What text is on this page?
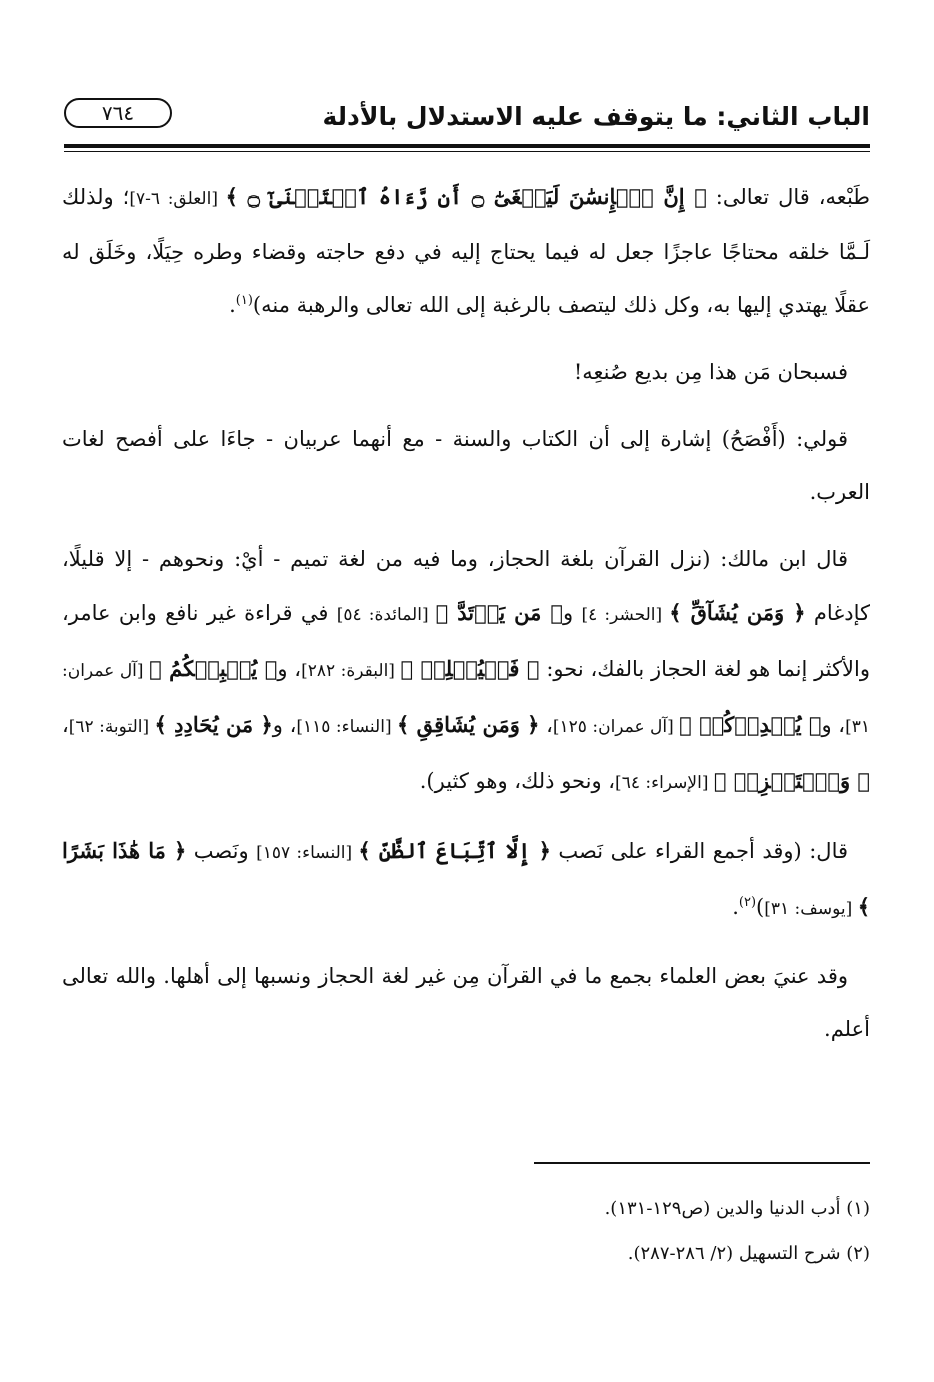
الباب الثاني: ما يتوقف عليه الاستدلال بالأدلة
٧٦٤

طَبْعه، قال تعالى: ﴿ إِنَّ ٱلۡإِنسَٰنَ لَيَطۡغَىٰٓ ۝ أَن رَّءَاهُ ٱسۡتَغۡنَىٰٓ ۝ ﴾ [العلق: ٦-٧]؛ ولذلك لَـمَّا خلقه محتاجًا عاجزًا جعل له فيما يحتاج إليه في دفع حاجته وقضاء وطره حِيَلًا، وخَلَق له عقلًا يهتدي إليها به، وكل ذلك ليتصف بالرغبة إلى الله تعالى والرهبة منه)$^{(١)}$.

فسبحان مَن هذا مِن بديع صُنعِه!

قولي: (أَفْصَحُ) إشارة إلى أن الكتاب والسنة - مع أنهما عربيان - جاءَا على أفصح لغات العرب.

قال ابن مالك: (نزل القرآن بلغة الحجاز، وما فيه من لغة تميم - أيْ: ونحوهم - إلا قليلًا، كإدغام ﴿ وَمَن يُشَآقِّ ﴾ [الحشر: ٤] و﴿ مَن يَرۡتَدَّ ﴾ [المائدة: ٥٤] في قراءة غير نافع وابن عامر، والأكثر إنما هو لغة الحجاز بالفك، نحو: ﴿ فَلۡيُمۡلِلۡ ﴾ [البقرة: ٢٨٢]، و﴿ يُحۡبِبۡكُمُ ﴾ [آل عمران: ٣١]، و﴿ يُمۡدِدۡكُمۡ ﴾ [آل عمران: ١٢٥]، ﴿ وَمَن يُشَاقِقِ ﴾ [النساء: ١١٥]، و﴿ مَن يُحَادِدِ ﴾ [التوبة: ٦٢]، ﴿ وَٱسۡتَفۡزِزۡ ﴾ [الإسراء: ٦٤]، ونحو ذلك، وهو كثير).

قال: (وقد أجمع القراء على نَصب ﴿ إِلَّا ٱتِّبَاعَ ٱلظَّنِّ ﴾ [النساء: ١٥٧] ونَصب ﴿ مَا هَٰذَا بَشَرًا ﴾ [يوسف: ٣١])$^{(٢)}$.

وقد عنيَ بعض العلماء بجمع ما في القرآن مِن غير لغة الحجاز ونسبها إلى أهلها. والله تعالى أعلم.

(١) أدب الدنيا والدين (ص١٢٩-١٣١).

(٢) شرح التسهيل (٢/ ٢٨٦-٢٨٧).
